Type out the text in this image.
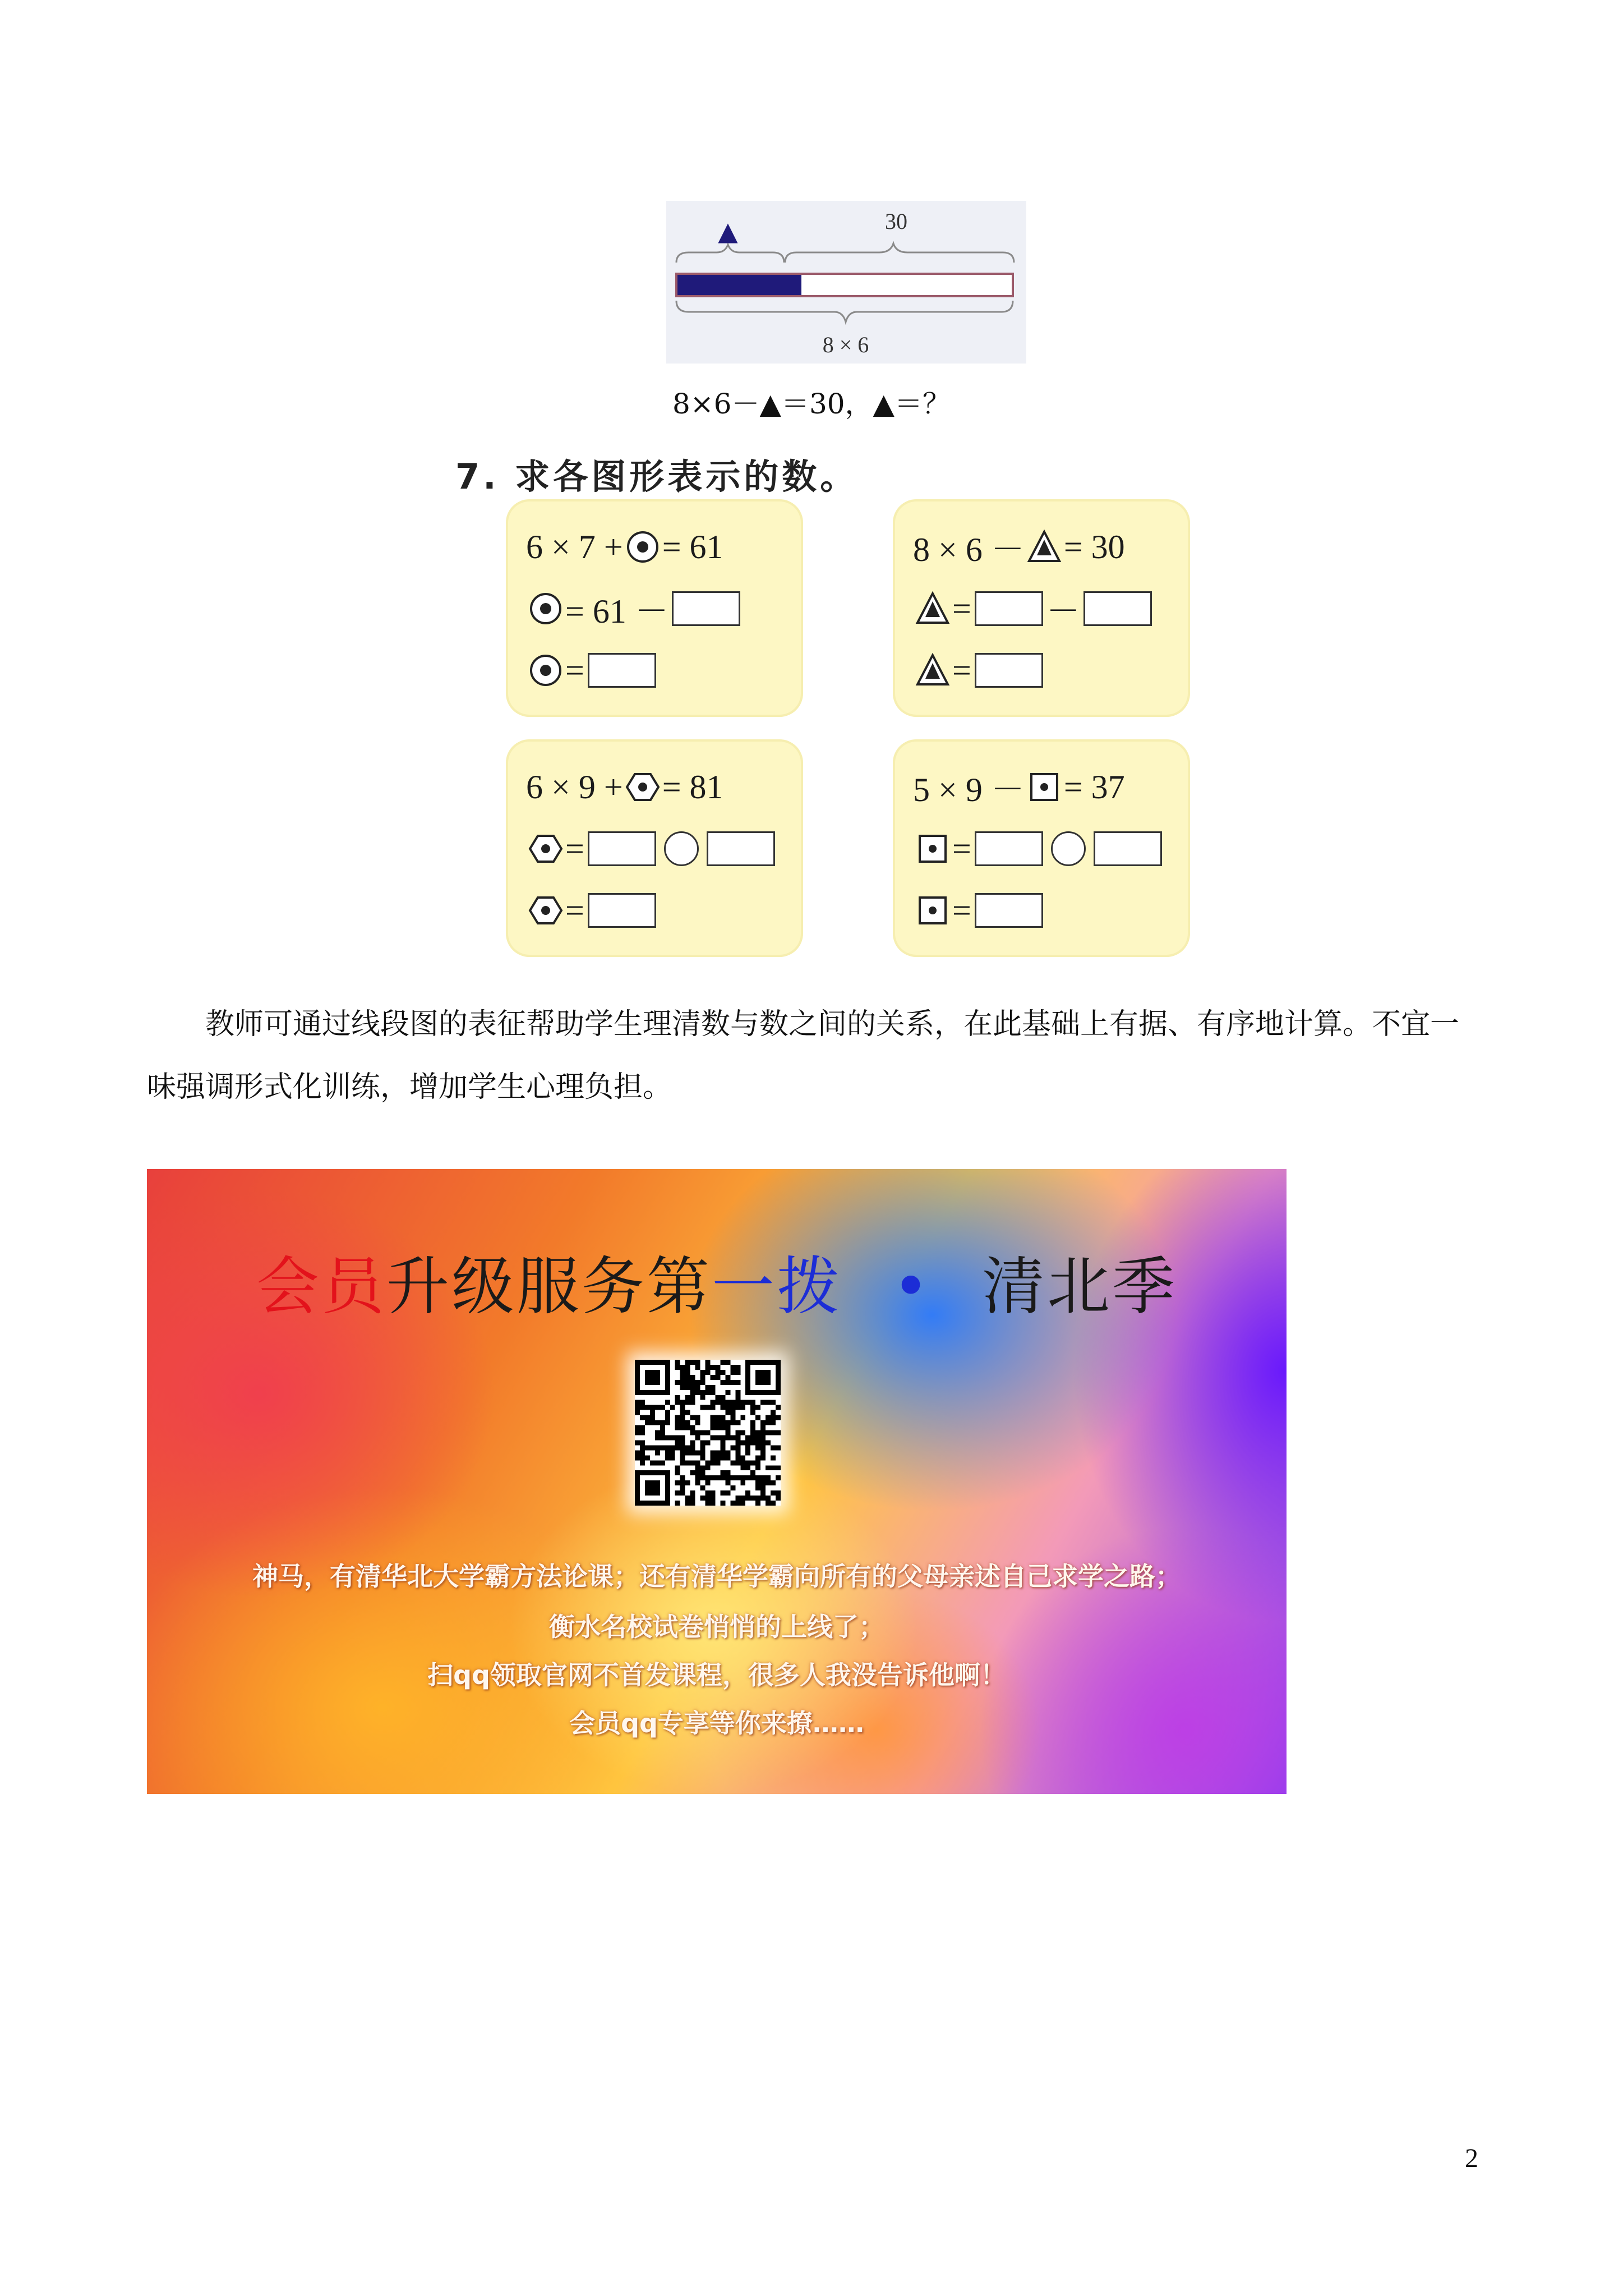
▲	30
8 × 6
8×6－▲＝30，▲＝？
7. 求各图形表示的数。
6 × 7 + = 61
= 61 －
=
8 × 6 － = 30
= －
=
6 × 9 + = 81
=
=
5 × 9 － = 37
=
=
教师可通过线段图的表征帮助学生理清数与数之间的关系，在此基础上有据、有序地计算。不宜一味强调形式化训练，增加学生心理负担。
会员升级服务第一拨 • 清北季
神马，有清华北大学霸方法论课；还有清华学霸向所有的父母亲述自己求学之路；
衡水名校试卷悄悄的上线了；
扫qq领取官网不首发课程，很多人我没告诉他啊！
会员qq专享等你来撩……
2
